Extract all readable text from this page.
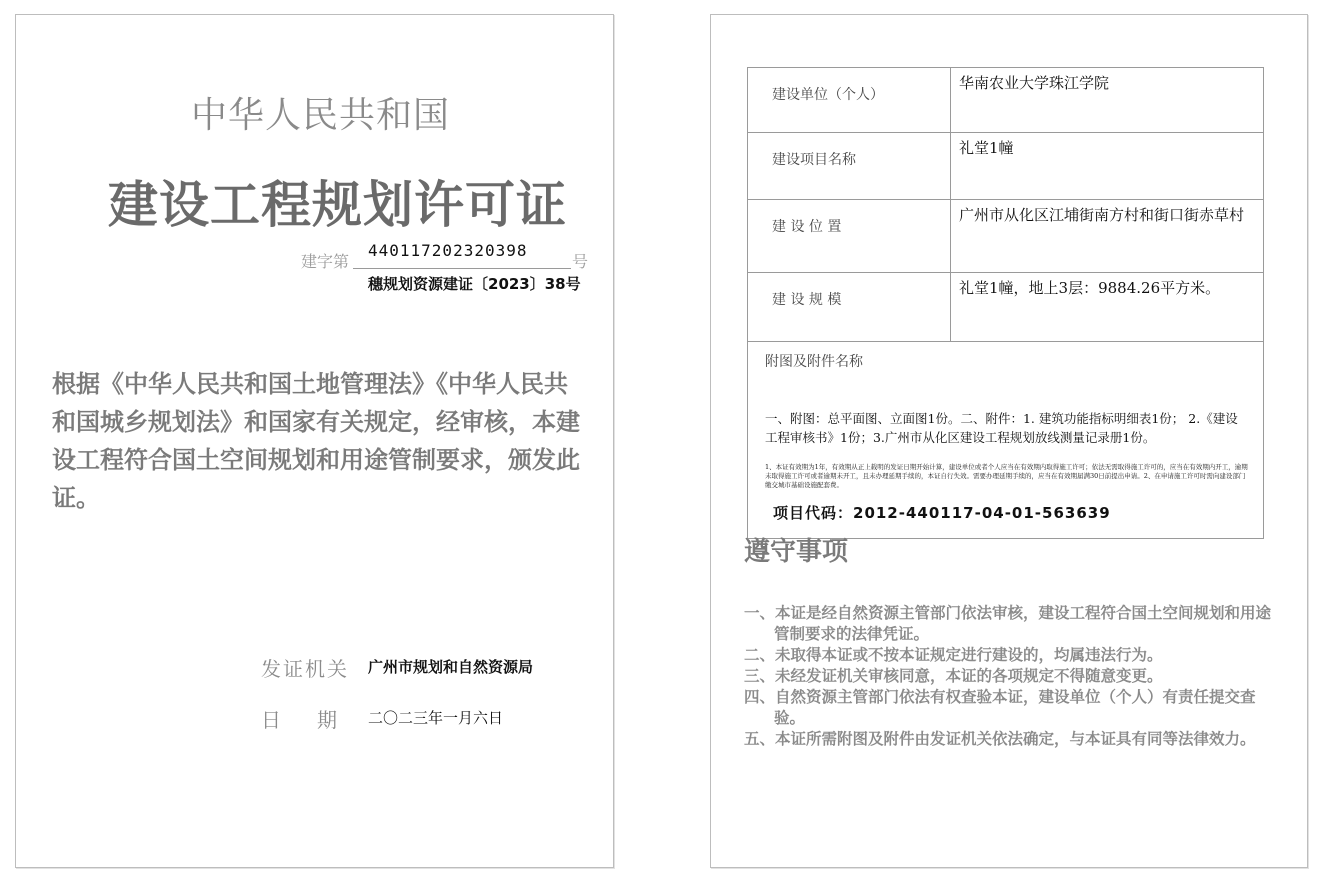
中华人民共和国
建设工程规划许可证
建字第
440117202320398
号
穗规划资源建证〔2023〕38号
根据《中华人民共和国土地管理法》《中华人民共和国城乡规划法》和国家有关规定，经审核，本建设工程符合国土空间规划和用途管制要求，颁发此证。
发证机关 广州市规划和自然资源局
日期
二〇二三年一月六日
建设单位（个人）	华南农业大学珠江学院
建设项目名称	礼堂1幢
建 设 位 置	广州市从化区江埔街南方村和街口街赤草村
建 设 规 模	礼堂1幢，地上3层：9884.26平方米。

附图及附件名称
一、附图：总平面图、立面图1份。二、附件：1. 建筑功能指标明细表1份； 2.《建设工程审核书》1份；3.广州市从化区建设工程规划放线测量记录册1份。
1、本证有效期为1年，有效期从正上载明的发证日期开始计算，建设单位或者个人应当在有效期内取得施工许可；依法无需取得施工许可的，应当在有效期内开工，逾期未取得施工许可或者逾期未开工，且未办理延期手续的，本证自行失效。需要办理延期手续的，应当在有效期届满30日前提出申请。2、在申请施工许可时需向建设部门缴交城市基础设施配套费。	
项目代码：2012-440117-04-01-563639
遵守事项
一、本证是经自然资源主管部门依法审核，建设工程符合国土空间规划和用途管制要求的法律凭证。
二、未取得本证或不按本证规定进行建设的，均属违法行为。
三、未经发证机关审核同意，本证的各项规定不得随意变更。
四、自然资源主管部门依法有权查验本证，建设单位（个人）有责任提交查验。
五、本证所需附图及附件由发证机关依法确定，与本证具有同等法律效力。
